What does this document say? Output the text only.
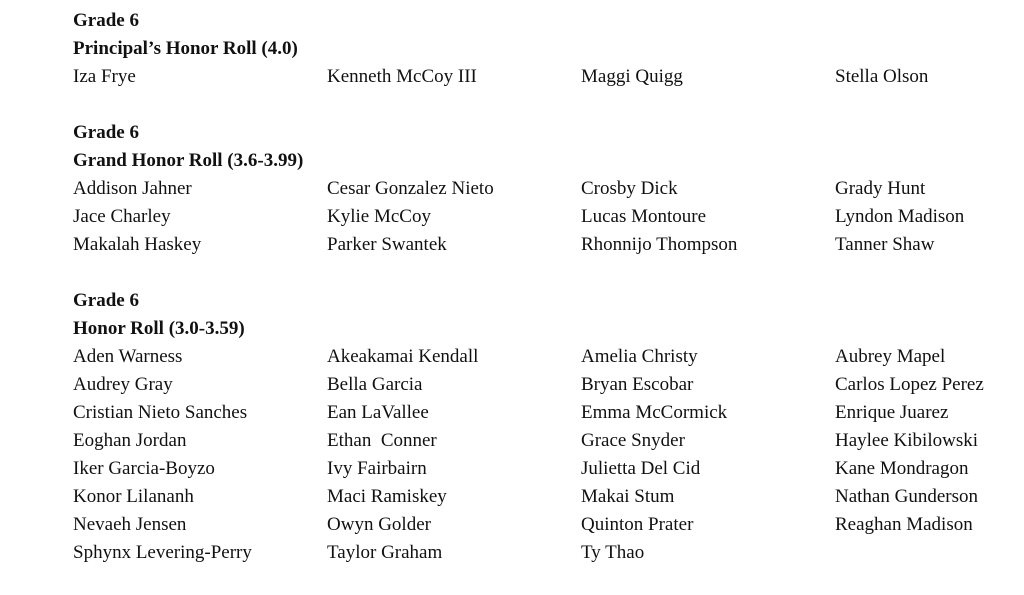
Grade 6
Principal’s Honor Roll (4.0)
Iza Frye	Kenneth McCoy III	Maggi Quigg	Stella Olson
Grade 6
Grand Honor Roll (3.6-3.99)
Addison Jahner	Cesar Gonzalez Nieto	Crosby Dick	Grady Hunt
Jace Charley	Kylie McCoy	Lucas Montoure	Lyndon Madison
Makalah Haskey	Parker Swantek	Rhonnijo Thompson	Tanner Shaw
Grade 6
Honor Roll (3.0-3.59)
Aden Warness	Akeakamai Kendall	Amelia Christy	Aubrey Mapel
Audrey Gray	Bella Garcia	Bryan Escobar	Carlos Lopez Perez
Cristian Nieto Sanches	Ean LaVallee	Emma McCormick	Enrique Juarez
Eoghan Jordan	Ethan  Conner	Grace Snyder	Haylee Kibilowski
Iker Garcia-Boyzo	Ivy Fairbairn	Julietta Del Cid	Kane Mondragon
Konor Lilananh	Maci Ramiskey	Makai Stum	Nathan Gunderson
Nevaeh Jensen	Owyn Golder	Quinton Prater	Reaghan Madison
Sphynx Levering-Perry	Taylor Graham	Ty Thao
